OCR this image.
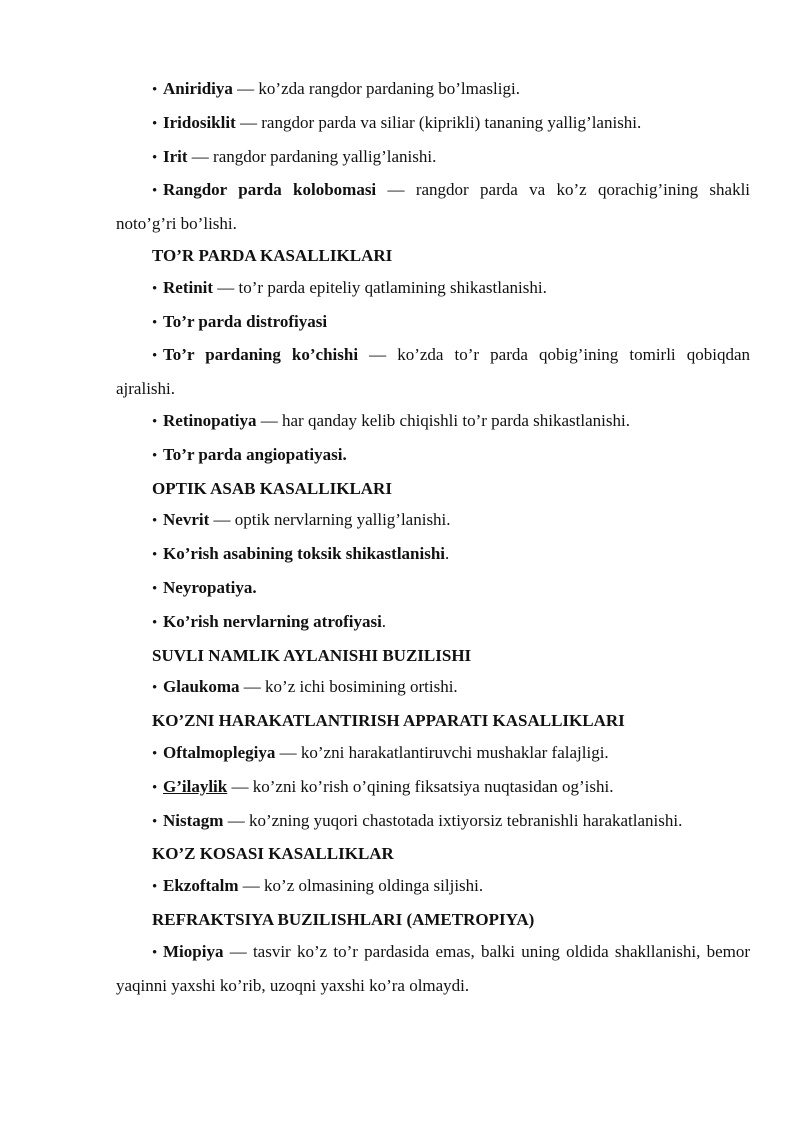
• Aniridiya — ko’zda rangdor pardaning bo’lmasligi.

• Iridosiklit — rangdor parda va siliar (kiprikli) tananing yallig’lanishi.

• Irit — rangdor pardaning yallig’lanishi.

• Rangdor parda kolobomasi — rangdor parda va ko’z qorachig’ining shakli noto’g’ri bo’lishi.

TO’R PARDA KASALLIKLARI

• Retinit — to’r parda epiteliy qatlamining shikastlanishi.

• To’r parda distrofiyasi

• To’r pardaning ko’chishi — ko’zda to’r parda qobig’ining tomirli qobiqdan ajralishi.

• Retinopatiya — har qanday kelib chiqishli to’r parda shikastlanishi.

• To’r parda angiopatiyasi.

OPTIK ASAB KASALLIKLARI

• Nevrit — optik nervlarning yallig’lanishi.

• Ko’rish asabining toksik shikastlanishi.

• Neyropatiya.

• Ko’rish nervlarning atrofiyasi.

SUVLI NAMLIK AYLANISHI BUZILISHI

• Glaukoma — ko’z ichi bosimining ortishi.

KO’ZNI HARAKATLANTIRISH APPARATI KASALLIKLARI

• Oftalmoplegiya — ko’zni harakatlantiruvchi mushaklar falajligi.

• G’ilaylik — ko’zni ko’rish o’qining fiksatsiya nuqtasidan og’ishi.

• Nistagm — ko’zning yuqori chastotada ixtiyorsiz tebranishli harakatlanishi.

KO’Z KOSASI KASALLIKLAR

• Ekzoftalm — ko’z olmasining oldinga siljishi.

REFRAKTSIYA BUZILISHLARI (AMETROPIYA)

• Miopiya — tasvir ko’z to’r pardasida emas, balki uning oldida shakllanishi, bemor yaqinni yaxshi ko’rib, uzoqni yaxshi ko’ra olmaydi.
